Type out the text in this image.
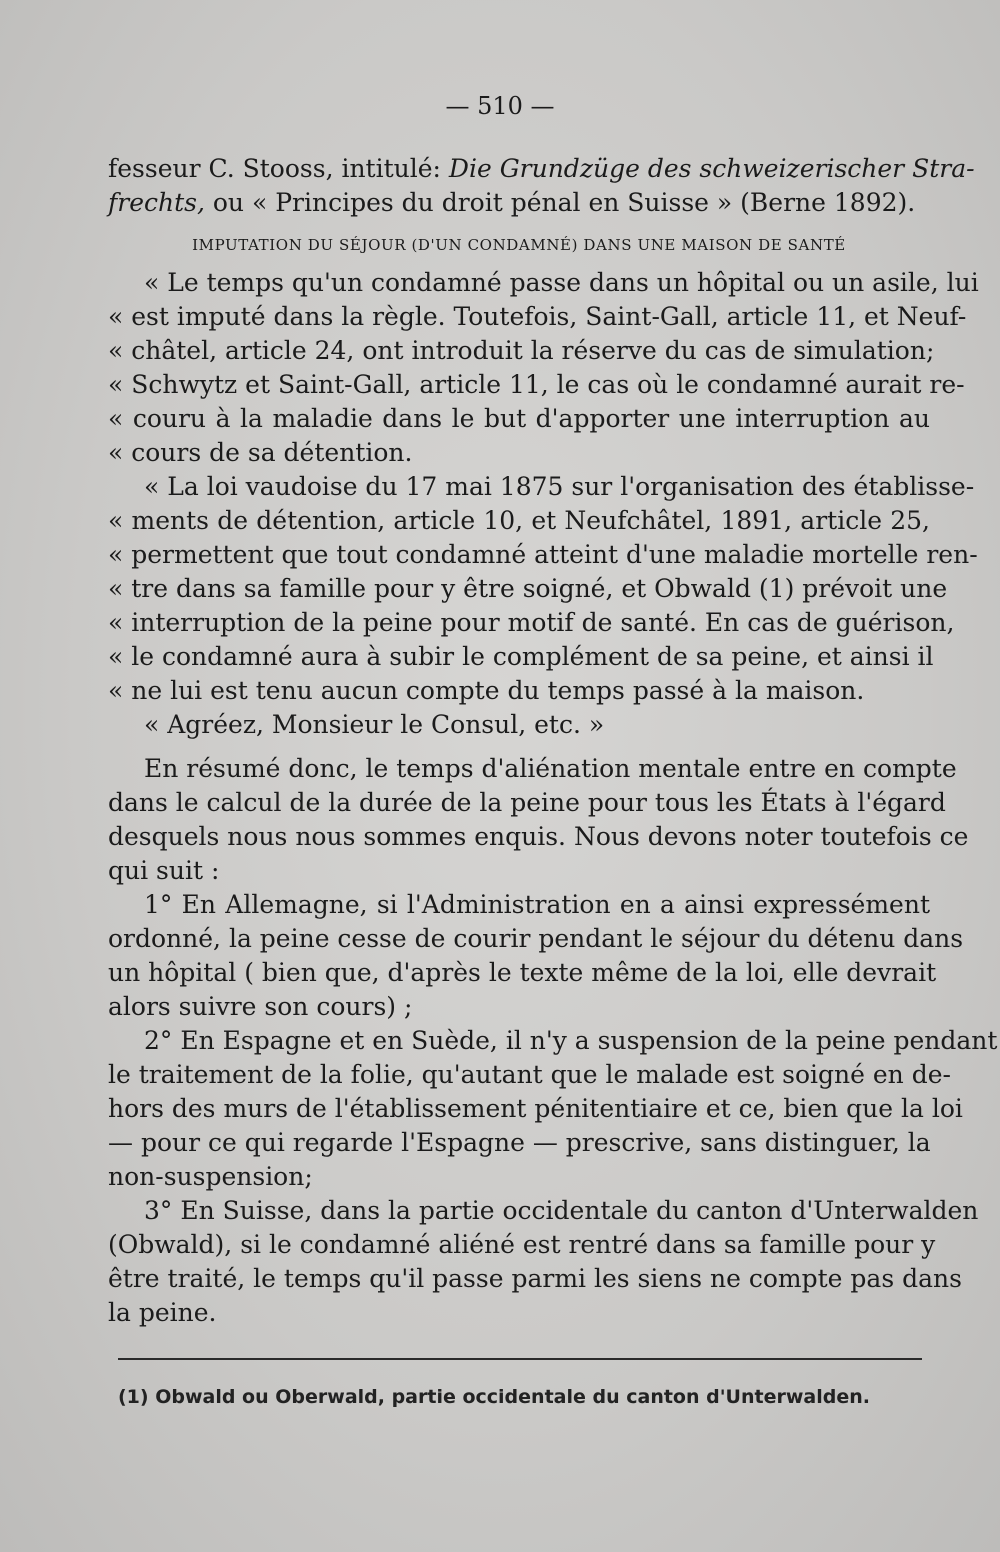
— 510 —
fesseur C. Stooss, intitulé: Die Grundzüge des schweizerischer Stra-
frechts, ou « Principes du droit pénal en Suisse » (Berne 1892).
IMPUTATION DU SÉJOUR (D'UN CONDAMNÉ) DANS UNE MAISON DE SANTÉ
« Le temps qu'un condamné passe dans un hôpital ou un asile, lui
« est imputé dans la règle. Toutefois, Saint-Gall, article 11, et Neuf-
« châtel, article 24, ont introduit la réserve du cas de simulation;
« Schwytz et Saint-Gall, article 11, le cas où le condamné aurait re-
« couru à la maladie dans le but d'apporter une interruption au
« cours de sa détention.
« La loi vaudoise du 17 mai 1875 sur l'organisation des établisse-
« ments de détention, article 10, et Neufchâtel, 1891, article 25,
« permettent que tout condamné atteint d'une maladie mortelle ren-
« tre dans sa famille pour y être soigné, et Obwald (1) prévoit une
« interruption de la peine pour motif de santé. En cas de guérison,
« le condamné aura à subir le complément de sa peine, et ainsi il
« ne lui est tenu aucun compte du temps passé à la maison.
« Agréez, Monsieur le Consul, etc. »
En résumé donc, le temps d'aliénation mentale entre en compte
dans le calcul de la durée de la peine pour tous les États à l'égard
desquels nous nous sommes enquis. Nous devons noter toutefois ce
qui suit :
1° En Allemagne, si l'Administration en a ainsi expressément
ordonné, la peine cesse de courir pendant le séjour du détenu dans
un hôpital ( bien que, d'après le texte même de la loi, elle devrait
alors suivre son cours) ;
2° En Espagne et en Suède, il n'y a suspension de la peine pendant
le traitement de la folie, qu'autant que le malade est soigné en de-
hors des murs de l'établissement pénitentiaire et ce, bien que la loi
— pour ce qui regarde l'Espagne — prescrive, sans distinguer, la
non-suspension;
3° En Suisse, dans la partie occidentale du canton d'Unterwalden
(Obwald), si le condamné aliéné est rentré dans sa famille pour y
être traité, le temps qu'il passe parmi les siens ne compte pas dans
la peine.
(1) Obwald ou Oberwald, partie occidentale du canton d'Unterwalden.
